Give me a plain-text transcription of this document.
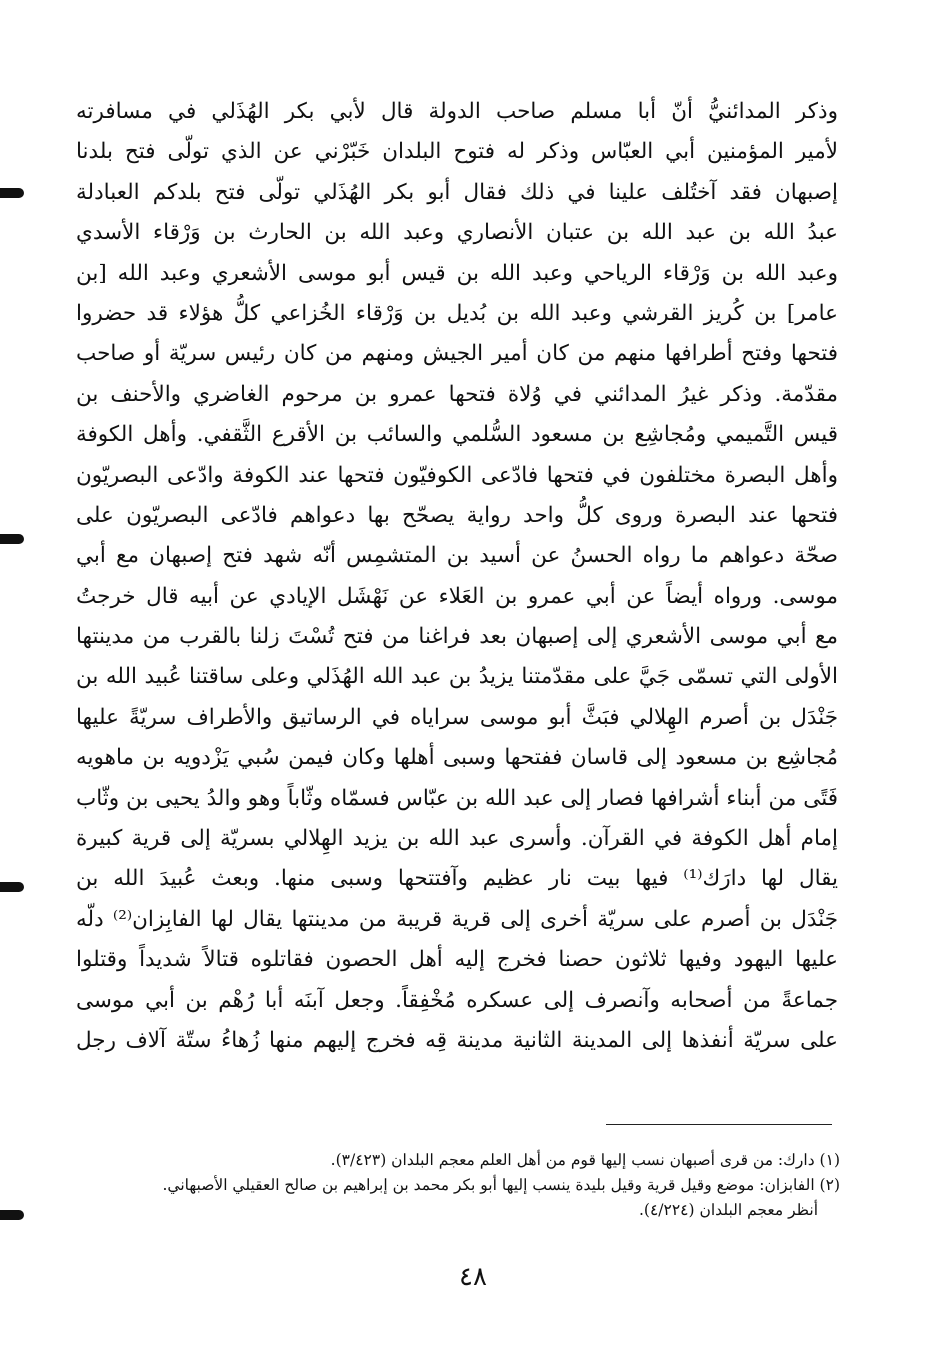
وذكر المدائنيُّ أنّ أبا مسلم صاحب الدولة قال لأبي بكر الهُذَلي في مسافرته
لأمير المؤمنين أبي العبّاس وذكر له فتوح البلدان خَبّرْني عن الذي تولّى فتح بلدنا
إصبهان فقد آختُلف علينا في ذلك فقال أبو بكر الهُذَلي تولّى فتح بلدكم العبادلة
عبدُ الله بن عبد الله بن عتبان الأنصاري وعبد الله بن الحارث بن وَرْقاء الأسدي
وعبد الله بن وَرْقاء الرياحي وعبد الله بن قيس أبو موسى الأشعري وعبد الله [بن
عامر] بن كُريز القرشي وعبد الله بن بُديل بن وَرْقاء الخُزاعي كلُّ هؤلاء قد حضروا
فتحها وفتح أطرافها منهم من كان أمير الجيش ومنهم من كان رئيس سريّة أو صاحب
مقدّمة. وذكر غيرُ المدائني في وُلاة فتحها عمرو بن مرحوم الغاضري والأحنف بن
قيس التَّميمي ومُجاشِع بن مسعود السُّلمي والسائب بن الأقرع الثَّقفي. وأهل الكوفة
وأهل البصرة مختلفون في فتحها فادّعى الكوفيّون فتحها عند الكوفة وادّعى البصريّون
فتحها عند البصرة وروى كلُّ واحد رواية يصحّح بها دعواهم فادّعى البصريّون على
صحّة دعواهم ما رواه الحسنُ عن أسيد بن المتشمِس أنّه شهد فتح إصبهان مع أبي
موسى. ورواه أيضاً عن أبي عمرو بن العَلاء عن نَهْشَل الإيادي عن أبيه قال خرجتُ
مع أبي موسى الأشعري إلى إصبهان بعد فراغنا من فتح تُسْتَ زلنا بالقرب من مدينتها
الأولى التي تسمّى جَيَّ على مقدّمتنا يزيدُ بن عبد الله الهُذَلي وعلى ساقتنا عُبيد الله بن
جَنْدَل بن أصرم الهِلالي فبَثَّ أبو موسى سراياه في الرساتيق والأطراف سريّةً عليها
مُجاشِع بن مسعود إلى قاسان ففتحها وسبى أهلها وكان فيمن سُبي يَزْدويه بن ماهويه
فَتًى من أبناء أشرافها فصار إلى عبد الله بن عبّاس فسمّاه وثّاباً وهو والدُ يحيى بن وثّاب
إمام أهل الكوفة في القرآن. وأسرى عبد الله بن يزيد الهِلالي بسريّة إلى قرية كبيرة
يقال لها دارَك⁽¹⁾ فيها بيت نار عظيم وآفتتحها وسبى منها. وبعث عُبيدَ الله بن
جَنْدَل بن أصرم على سريّة أخرى إلى قرية قريبة من مدينتها يقال لها الفابِزان⁽²⁾ دلّه
عليها اليهود وفيها ثلاثون حصنا فخرج إليه أهل الحصون فقاتلوه قتالاً شديداً وقتلوا
جماعةً من أصحابه وآنصرف إلى عسكره مُخْفِقاً. وجعل آبنَه أبا رُهْم بن أبي موسى
على سريّة أنفذها إلى المدينة الثانية مدينة قِه فخرج إليهم منها زُهاءُ ستّة آلاف رجل
(١) دارك: من قرى أصبهان نسب إليها قوم من أهل العلم معجم البلدان (٣/٤٢٣).
(٢) الفابزان: موضع وقيل قرية وقيل بليدة ينسب إليها أبو بكر محمد بن إبراهيم بن صالح العقيلي الأصبهاني.
أنظر معجم البلدان (٤/٢٢٤).
٤٨
